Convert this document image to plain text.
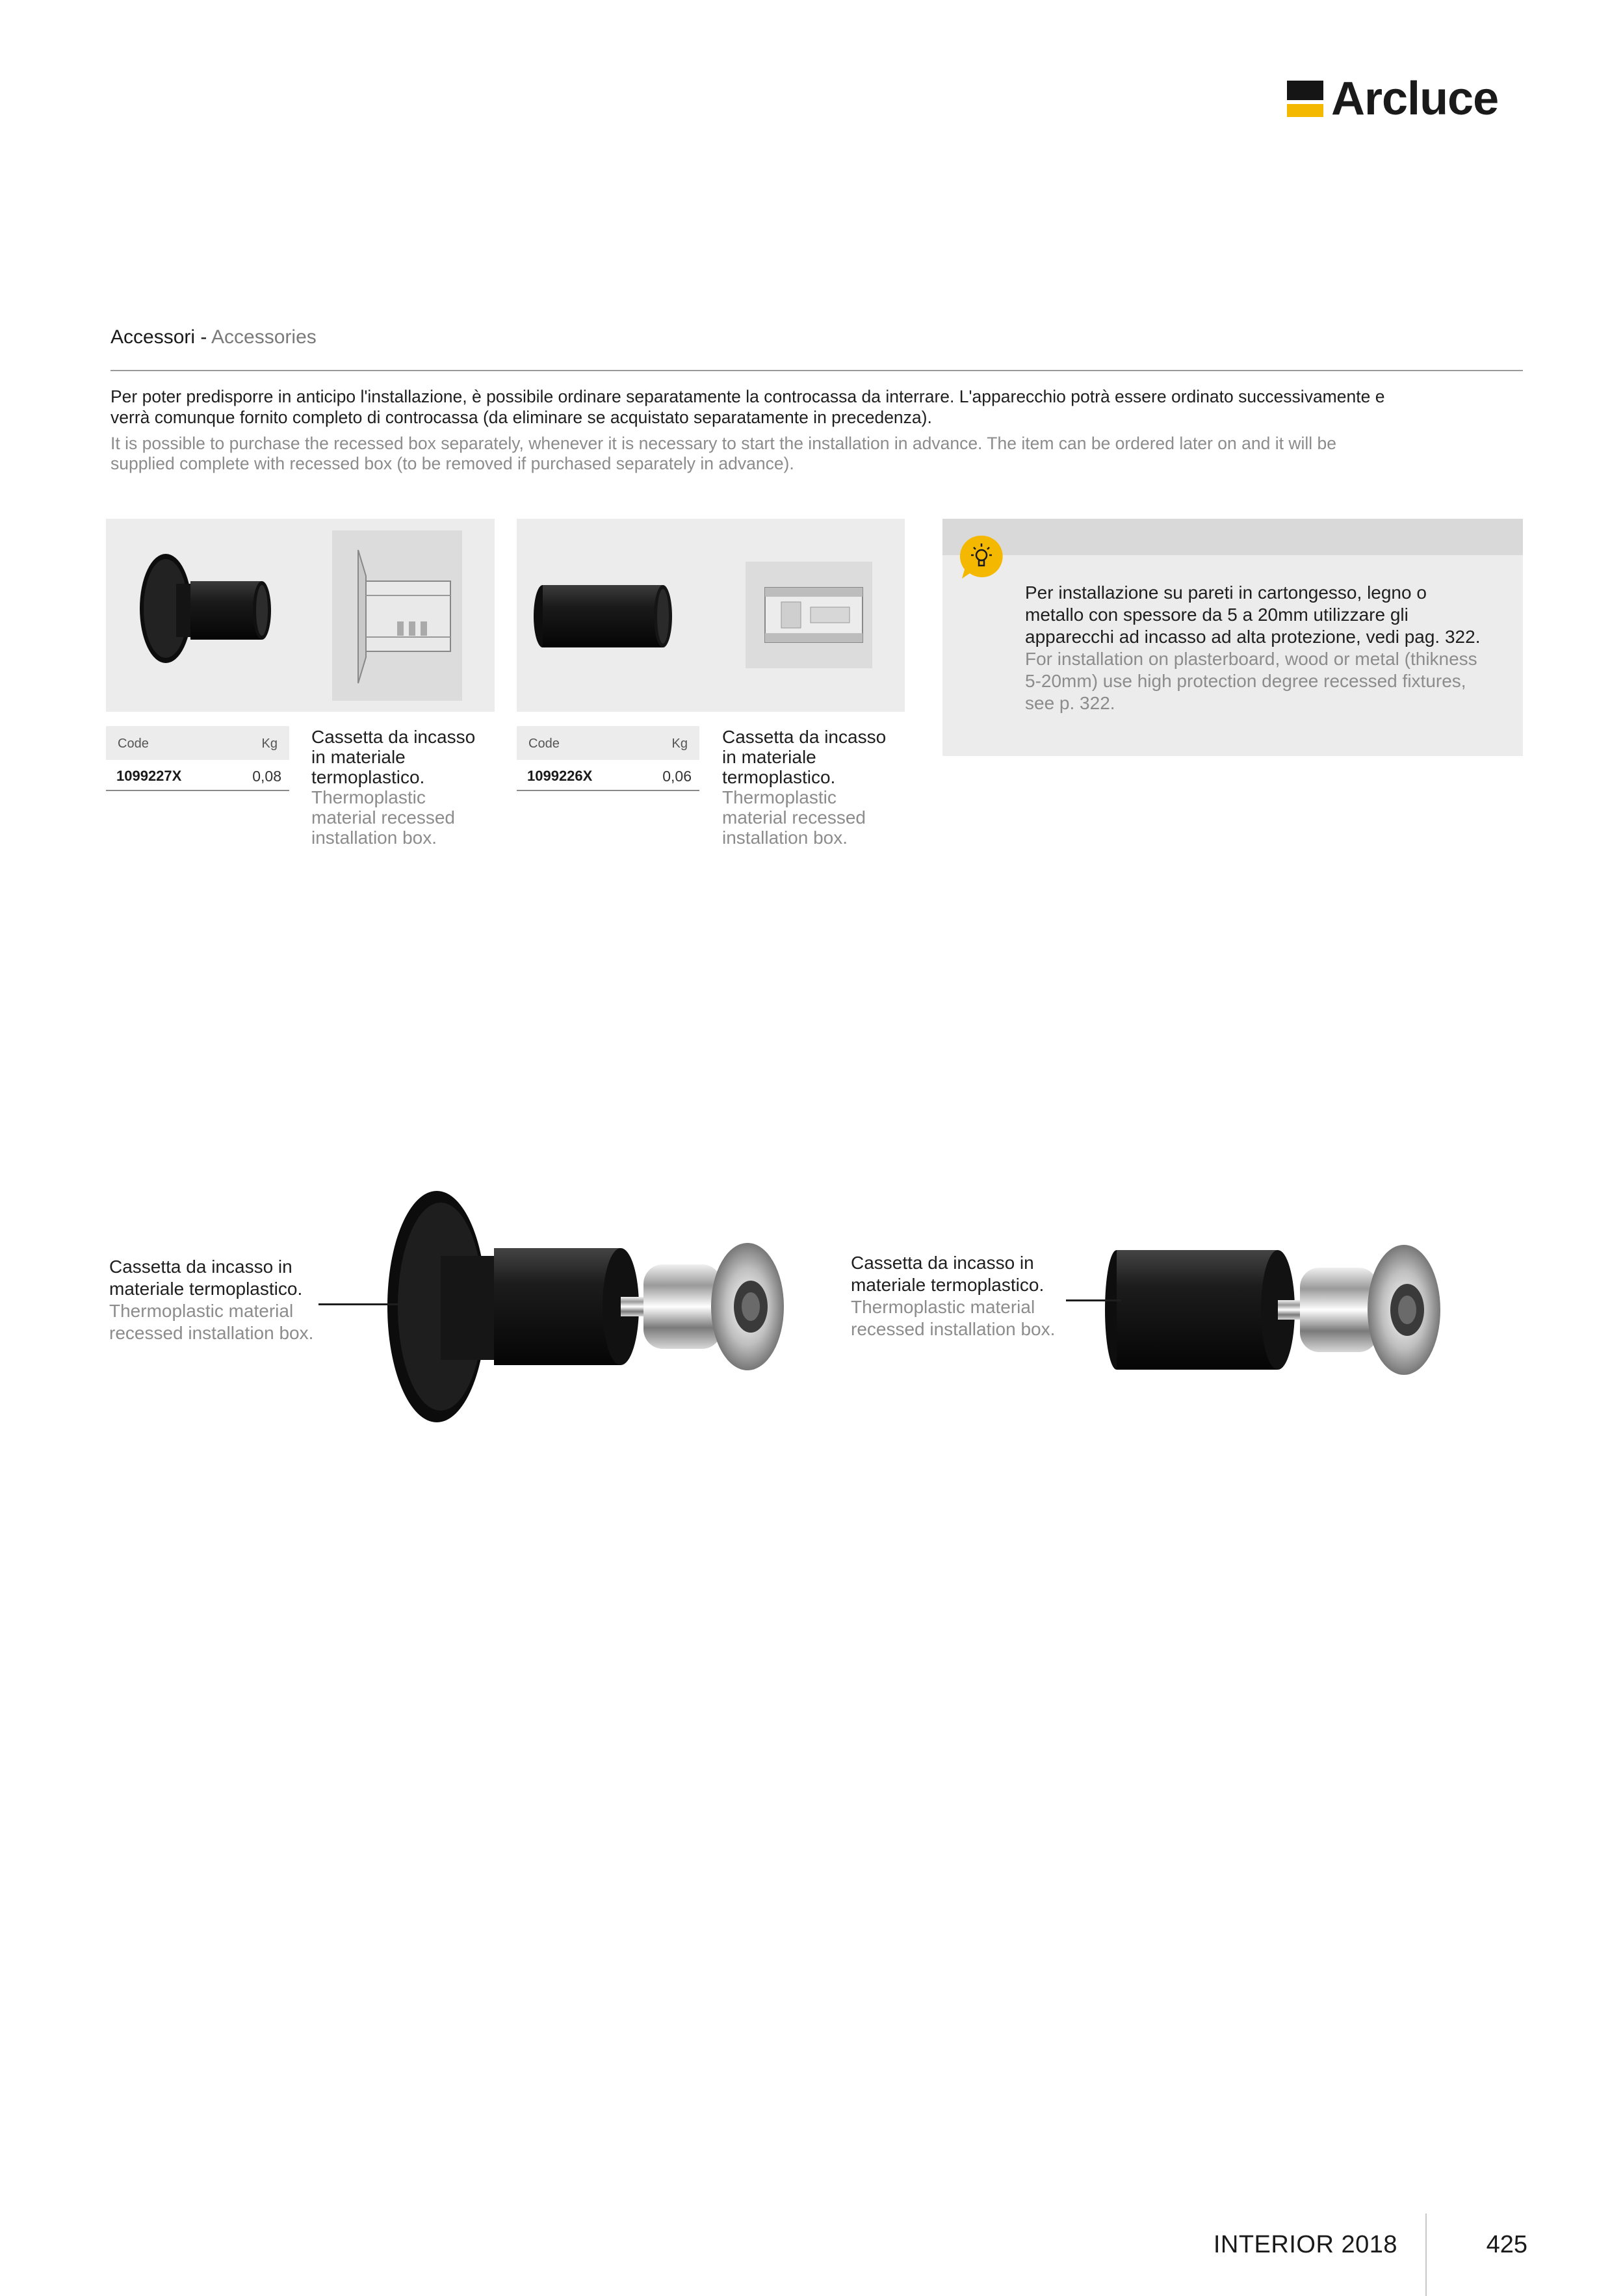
Arcluce
Accessori - Accessories
Per poter predisporre in anticipo l'installazione, è possibile ordinare separatamente la controcassa da interrare. L'apparecchio potrà essere ordinato successivamente e
verrà comunque fornito completo di controcassa (da eliminare se acquistato separatamente in precedenza).
It is possible to purchase the recessed box separately, whenever it is necessary to start the installation in advance. The item can be ordered later on and it will be
supplied complete with recessed box (to be removed if purchased separately in advance).
Code	Kg
1099227X	0,08
Cassetta da incasso
in materiale
termoplastico.
Thermoplastic
material recessed
installation box.
Code	Kg
1099226X	0,06
Cassetta da incasso
in materiale
termoplastico.
Thermoplastic
material recessed
installation box.
Per installazione su pareti in cartongesso, legno o
metallo con spessore da 5 a 20mm utilizzare gli
apparecchi ad incasso ad alta protezione, vedi pag. 322.
For installation on plasterboard, wood or metal (thikness
5-20mm) use high protection degree recessed fixtures,
see p. 322.
Cassetta da incasso in
materiale termoplastico.
Thermoplastic material
recessed installation box.
Cassetta da incasso in
materiale termoplastico.
Thermoplastic material
recessed installation box.
INTERIOR 2018	425
